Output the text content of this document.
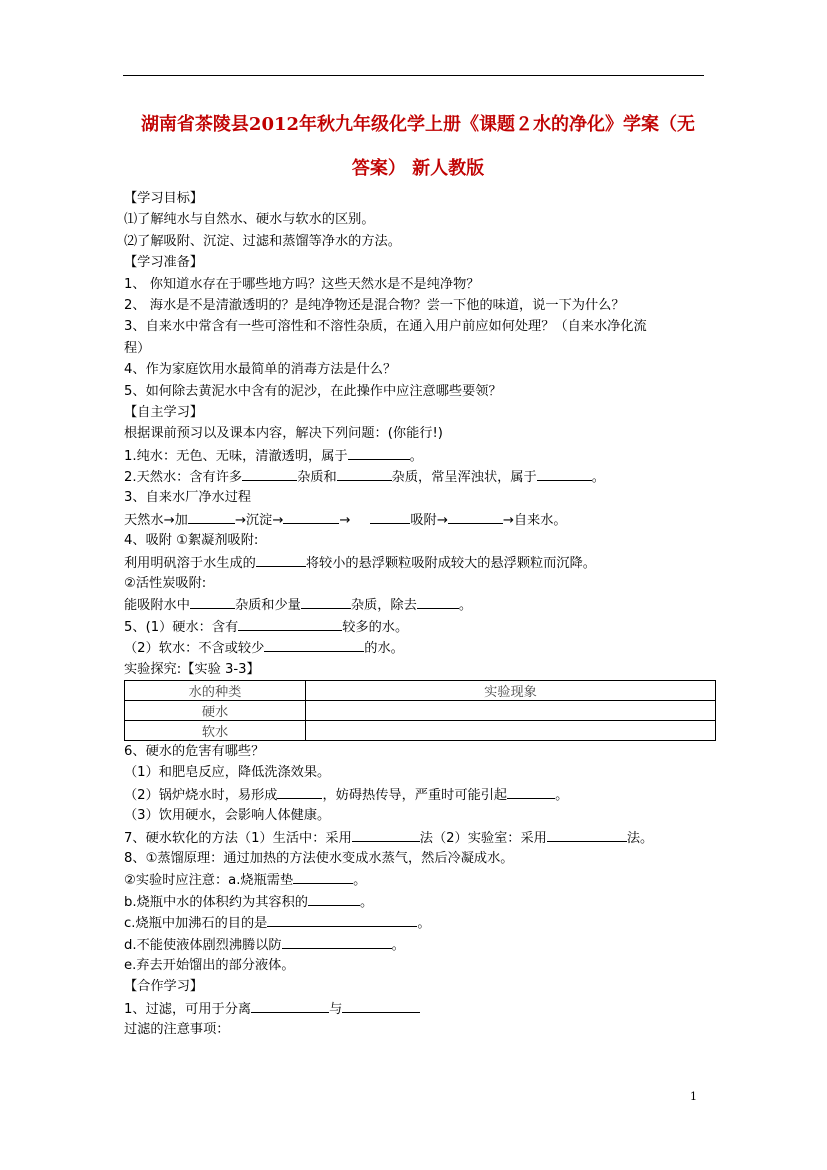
湖南省茶陵县2012年秋九年级化学上册《课题２水的净化》学案（无
答案） 新人教版
【学习目标】
⑴了解纯水与自然水、硬水与软水的区别。
⑵了解吸附、沉淀、过滤和蒸馏等净水的方法。
【学习准备】
1、 你知道水存在于哪些地方吗？这些天然水是不是纯净物？
2、 海水是不是清澈透明的？是纯净物还是混合物？尝一下他的味道，说一下为什么？
3、自来水中常含有一些可溶性和不溶性杂质，在通入用户前应如何处理？（自来水净化流
程）
4、作为家庭饮用水最简单的消毒方法是什么？
5、如何除去黄泥水中含有的泥沙，在此操作中应注意哪些要领？
【自主学习】
根据课前预习以及课本内容，解决下列问题：(你能行!)
1.纯水：无色、无味，清澈透明，属于	。
2.天然水：含有许多	杂质和	杂质，常呈浑浊状，属于	。
3、自来水厂净水过程
天然水→加	→沉淀→	→	吸附→	→自来水。
4、吸附 ①絮凝剂吸附:
利用明矾溶于水生成的	将较小的悬浮颗粒吸附成较大的悬浮颗粒而沉降。
②活性炭吸附:
能吸附水中	杂质和少量	杂质，除去	。
5、(1）硬水：含有	较多的水。
（2）软水：不含或较少	的水。
实验探究:【实验 3-3】
水的种类	实验现象
硬水	
软水	
6、硬水的危害有哪些？
（1）和肥皂反应，降低洗涤效果。
（2）锅炉烧水时，易形成	，妨碍热传导，严重时可能引起	。
（3）饮用硬水，会影响人体健康。
7、硬水软化的方法（1）生活中：采用	法（2）实验室：采用	法。
8、①蒸馏原理：通过加热的方法使水变成水蒸气，然后冷凝成水。
②实验时应注意：a.烧瓶需垫	。
b.烧瓶中水的体积约为其容积的	。
c.烧瓶中加沸石的目的是	。
d.不能使液体剧烈沸腾以防	。
e.弃去开始馏出的部分液体。
【合作学习】
1、过滤，可用于分离	与
过滤的注意事项：
1
